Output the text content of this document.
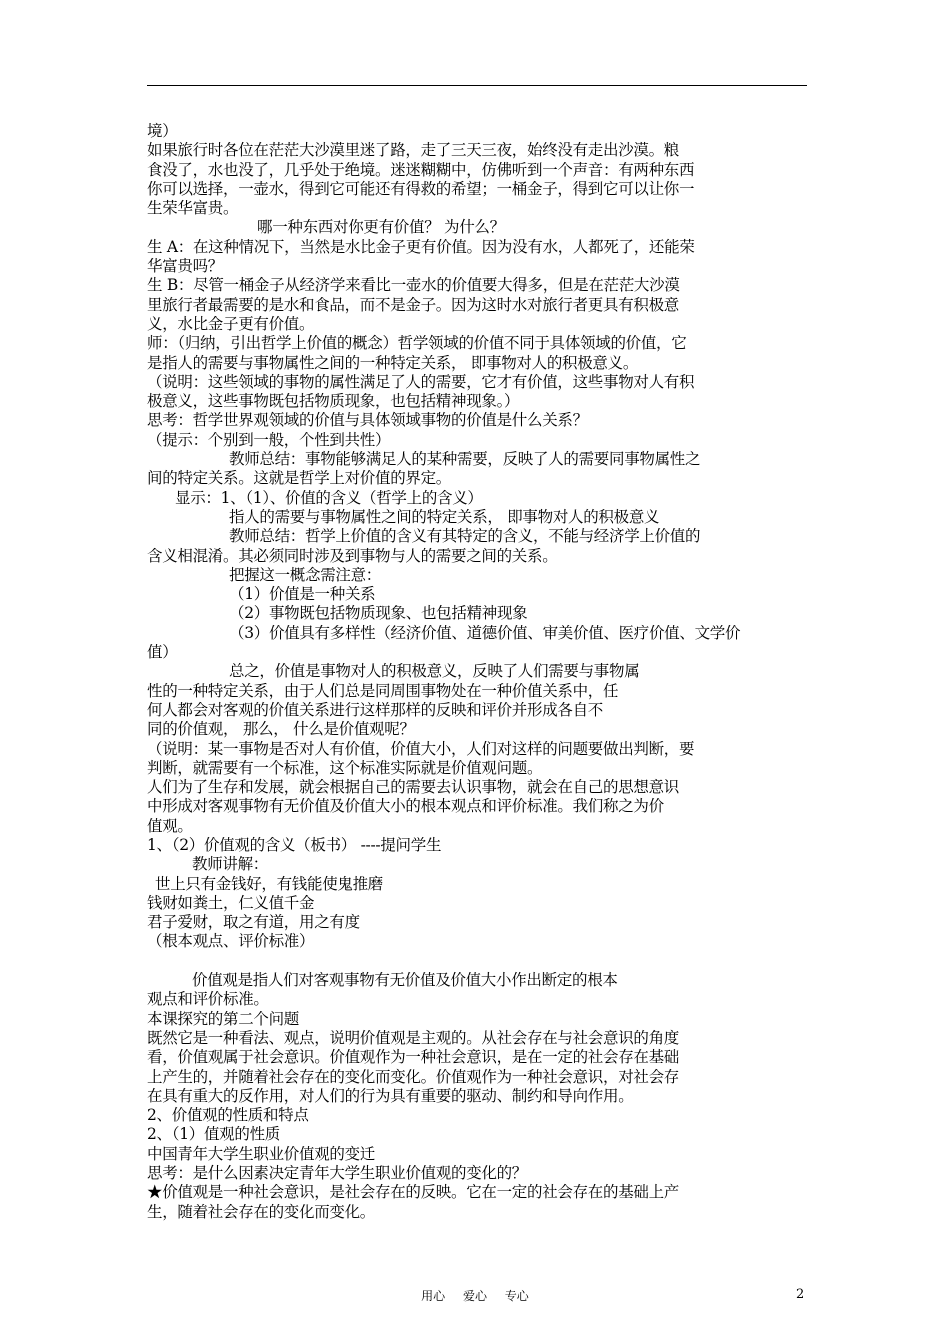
境）

如果旅行时各位在茫茫大沙漠里迷了路，走了三天三夜，始终没有走出沙漠。粮

食没了，水也没了，几乎处于绝境。迷迷糊糊中，仿佛听到一个声音：有两种东西

你可以选择，一壶水，得到它可能还有得救的希望；一桶金子，得到它可以让你一

生荣华富贵。

哪一种东西对你更有价值？ 为什么？

生 A：在这种情况下，当然是水比金子更有价值。因为没有水，人都死了，还能荣

华富贵吗？

生 B：尽管一桶金子从经济学来看比一壶水的价值要大得多，但是在茫茫大沙漠

里旅行者最需要的是水和食品，而不是金子。因为这时水对旅行者更具有积极意

义，水比金子更有价值。

师：（归纳，引出哲学上价值的概念）哲学领域的价值不同于具体领域的价值，它

是指人的需要与事物属性之间的一种特定关系， 即事物对人的积极意义。

（说明：这些领域的事物的属性满足了人的需要，它才有价值，这些事物对人有积

极意义，这些事物既包括物质现象，也包括精神现象。）

思考：哲学世界观领域的价值与具体领域事物的价值是什么关系？

（提示：个别到一般，个性到共性）

教师总结：事物能够满足人的某种需要，反映了人的需要同事物属性之

间的特定关系。这就是哲学上对价值的界定。

显示：1、（1）、价值的含义（哲学上的含义）

指人的需要与事物属性之间的特定关系， 即事物对人的积极意义

教师总结：哲学上价值的含义有其特定的含义，不能与经济学上价值的

含义相混淆。其必须同时涉及到事物与人的需要之间的关系。

把握这一概念需注意：

（1）价值是一种关系

（2）事物既包括物质现象、也包括精神现象

（3）价值具有多样性（经济价值、道德价值、审美价值、医疗价值、文学价

值）

总之，价值是事物对人的积极意义，反映了人们需要与事物属

性的一种特定关系，由于人们总是同周围事物处在一种价值关系中，任

何人都会对客观的价值关系进行这样那样的反映和评价并形成各自不

同的价值观， 那么， 什么是价值观呢？

（说明：某一事物是否对人有价值，价值大小，人们对这样的问题要做出判断，要

判断，就需要有一个标准，这个标准实际就是价值观问题。

人们为了生存和发展，就会根据自己的需要去认识事物，就会在自己的思想意识

中形成对客观事物有无价值及价值大小的根本观点和评价标准。我们称之为价

值观。

1、（2）价值观的含义（板书） ----提问学生

教师讲解：

世上只有金钱好，有钱能使鬼推磨

钱财如粪土，仁义值千金

君子爱财，取之有道，用之有度

（根本观点、评价标准）

价值观是指人们对客观事物有无价值及价值大小作出断定的根本

观点和评价标准。

本课探究的第二个问题

既然它是一种看法、观点，说明价值观是主观的。从社会存在与社会意识的角度

看，价值观属于社会意识。价值观作为一种社会意识，是在一定的社会存在基础

上产生的，并随着社会存在的变化而变化。价值观作为一种社会意识，对社会存

在具有重大的反作用，对人们的行为具有重要的驱动、制约和导向作用。

2、价值观的性质和特点

2、（1）值观的性质

中国青年大学生职业价值观的变迁

思考：是什么因素决定青年大学生职业价值观的变化的？

★价值观是一种社会意识，是社会存在的反映。它在一定的社会存在的基础上产

生，随着社会存在的变化而变化。

用心 爱心 专心	2
